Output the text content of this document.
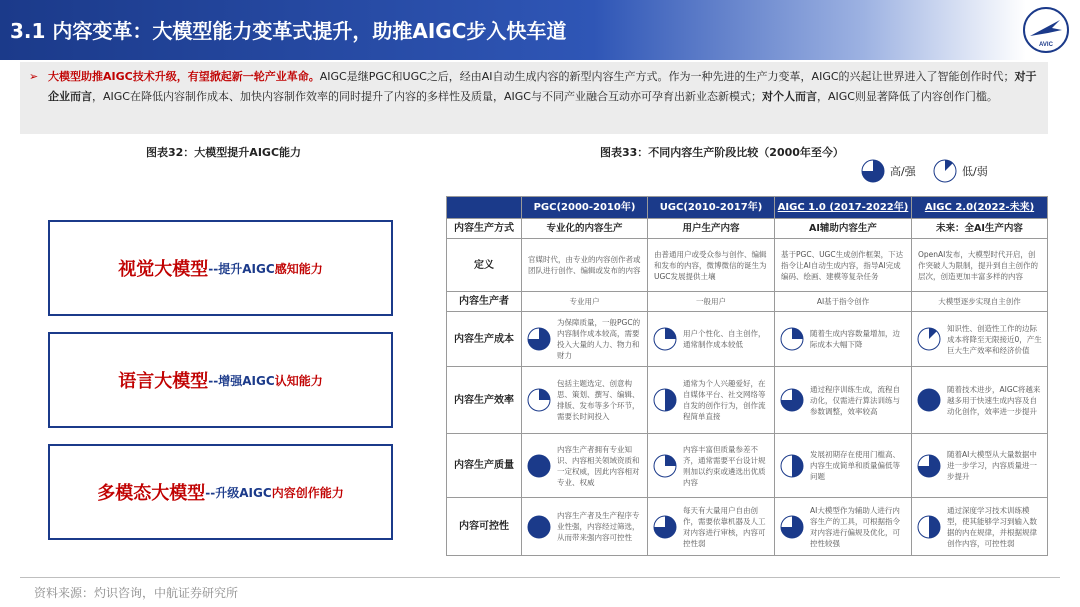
3.1 内容变革：大模型能力变革式提升，助推AIGC步入快车道
AVIC
➢ 大模型助推AIGC技术升级，有望掀起新一轮产业革命。AIGC是继PGC和UGC之后，经由AI自动生成内容的新型内容生产方式。作为一种先进的生产力变革，AIGC的兴起让世界进入了智能创作时代；对于企业而言，AIGC在降低内容制作成本、加快内容制作效率的同时提升了内容的多样性及质量，AIGC与不同产业融合互动亦可孕育出新业态新模式；对个人而言，AIGC则显著降低了内容创作门槛。

图表32：大模型提升AIGC能力
视觉大模型 --提升AIGC感知能力
语言大模型 --增强AIGC认知能力
多模态大模型 --升级AIGC内容创作能力
图表33：不同内容生产阶段比较（2000年至今）
高/强	低/弱
	PGC(2000-2010年)	UGC(2010-2017年)	AIGC 1.0 (2017-2022年)	AIGC 2.0(2022-未来)
内容生产方式	专业化的内容生产	用户生产内容	AI辅助内容生产	未来：全AI生产内容
定义	官媒时代，由专业的内容创作者或团队进行创作、编辑或发布的内容	由普通用户或受众参与创作、编辑和发布的内容，微博微信的诞生为UGC发展提供土壤	基于PGC、UGC生成创作框架，下达指令让AI自动生成内容，指导AI完成编码、绘画、建模等复杂任务	OpenAI发布，大模型时代开启，创作突破人为限制，提升到自主创作的层次，创造更加丰富多样的内容
内容生产者	专业用户	一般用户	AI基于指令创作	大模型逐步实现自主创作
内容生产成本	为保障质量，一般PGC的内容制作成本较高，需要投入大量的人力、物力和财力	用户个性化、自主创作，通常制作成本较低	随着生成内容数量增加，边际成本大幅下降	知识性、创造性工作的边际成本将降至无限接近0，产生巨大生产效率和经济价值

内容生产效率	包括主题选定、创意构思、策划、撰写、编辑、排版、发布等多个环节，需要长时间投入	通常为个人兴趣爱好，在自媒体平台、社交网络等自发的创作行为，创作流程简单直接	通过程序训练生成，流程自动化，仅需进行算法训练与参数调整，效率较高	随着技术进步，AIGC将越来越多用于快速生成内容及自动化创作，效率进一步提升

内容生产质量	内容生产者拥有专业知识、内容相关领域资质和一定权威，因此内容相对专业、权威	内容丰富但质量参差不齐，通常需要平台设计规则加以约束或遴选出优质内容	发展初期存在使用门槛高、内容生成简单和质量偏低等问题	随着AI大模型从大量数据中进一步学习，内容质量进一步提升

内容可控性	内容生产者及生产程序专业性强，内容经过筛选，从而带来强内容可控性	每天有大量用户自由创作，需要依靠机器及人工对内容进行审核，内容可控性弱	AI大模型作为辅助人进行内容生产的工具，可根据指令对内容进行偏规及优化，可控性较强	通过深度学习技术训练模型，使其能够学习到输入数据的内在规律，并根据规律创作内容，可控性弱
资料来源：灼识咨询，中航证券研究所
